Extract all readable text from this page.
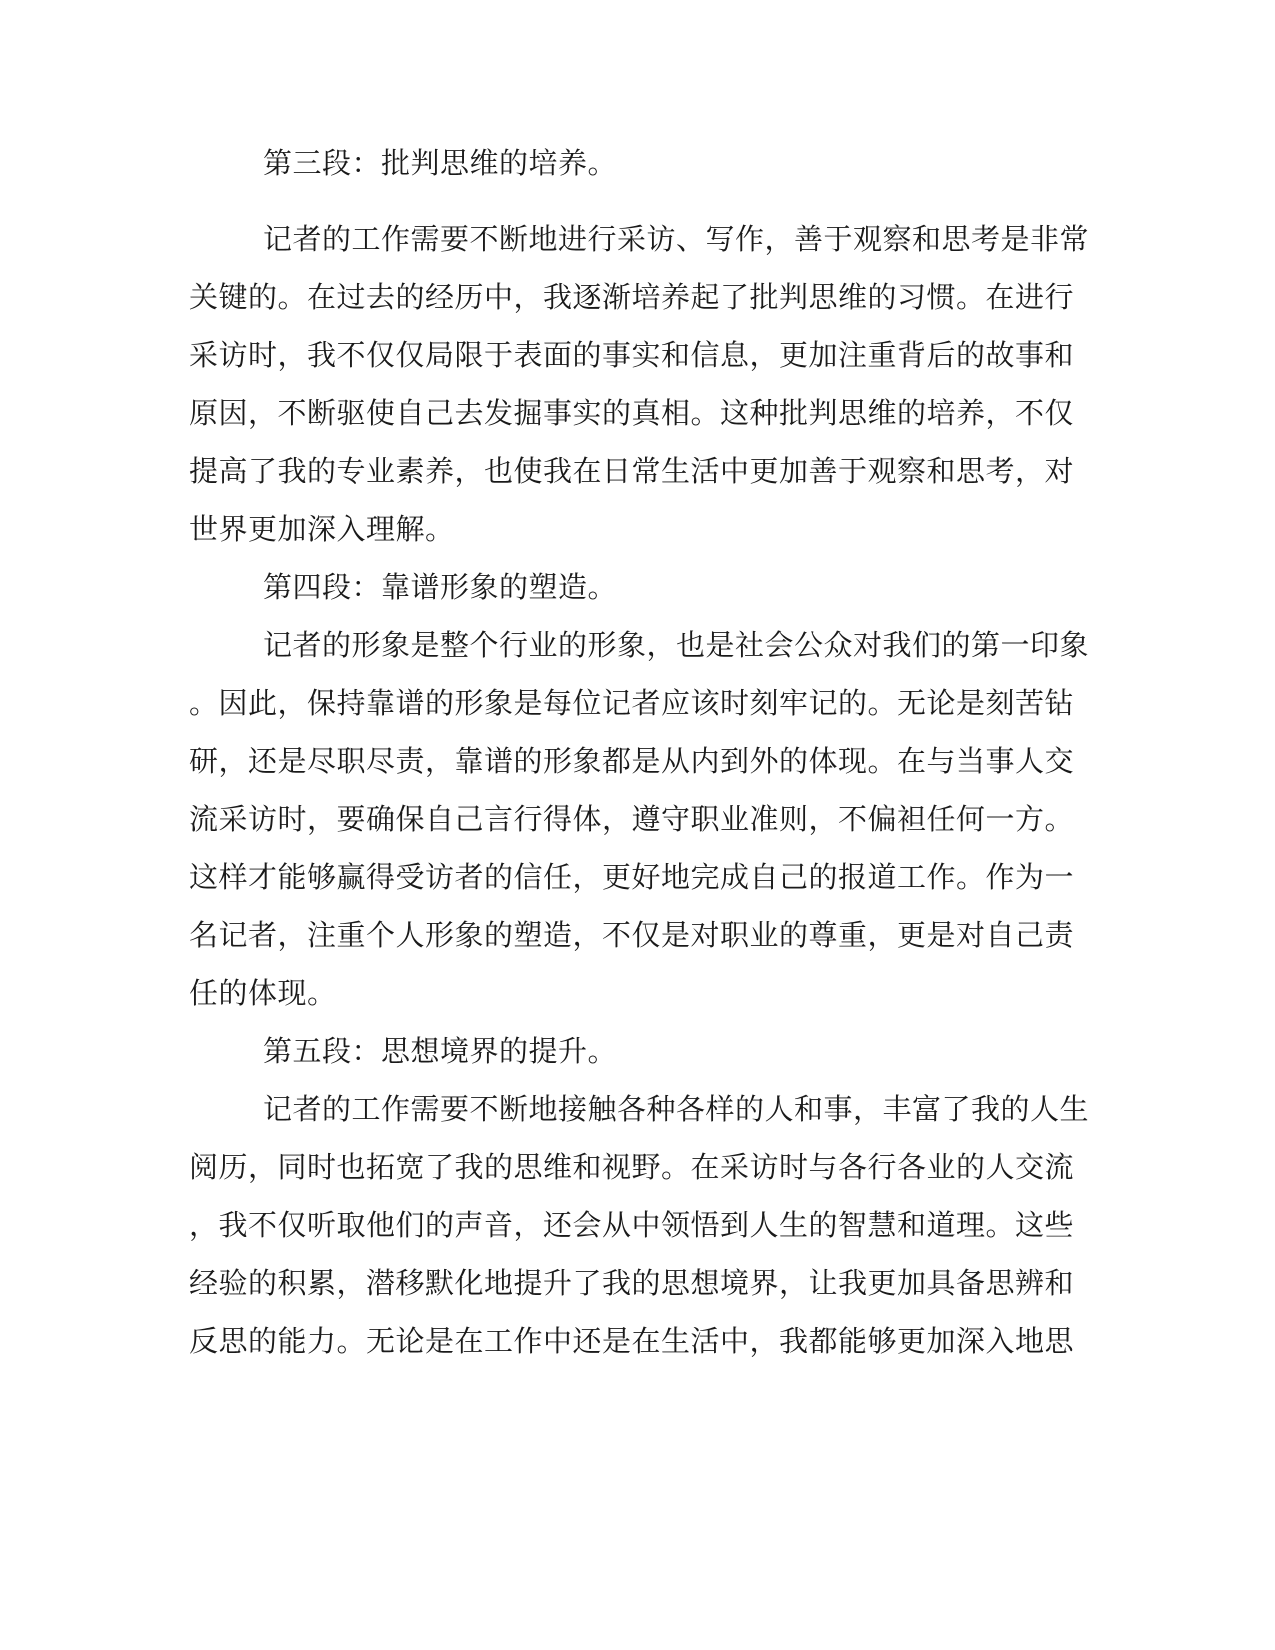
第三段：批判思维的培养。
记者的工作需要不断地进行采访、写作，善于观察和思考是非常
关键的。在过去的经历中，我逐渐培养起了批判思维的习惯。在进行
采访时，我不仅仅局限于表面的事实和信息，更加注重背后的故事和
原因，不断驱使自己去发掘事实的真相。这种批判思维的培养，不仅
提高了我的专业素养，也使我在日常生活中更加善于观察和思考，对
世界更加深入理解。
第四段：靠谱形象的塑造。
记者的形象是整个行业的形象，也是社会公众对我们的第一印象
。因此，保持靠谱的形象是每位记者应该时刻牢记的。无论是刻苦钻
研，还是尽职尽责，靠谱的形象都是从内到外的体现。在与当事人交
流采访时，要确保自己言行得体，遵守职业准则，不偏袒任何一方。
这样才能够赢得受访者的信任，更好地完成自己的报道工作。作为一
名记者，注重个人形象的塑造，不仅是对职业的尊重，更是对自己责
任的体现。
第五段：思想境界的提升。
记者的工作需要不断地接触各种各样的人和事，丰富了我的人生
阅历，同时也拓宽了我的思维和视野。在采访时与各行各业的人交流
，我不仅听取他们的声音，还会从中领悟到人生的智慧和道理。这些
经验的积累，潜移默化地提升了我的思想境界，让我更加具备思辨和
反思的能力。无论是在工作中还是在生活中，我都能够更加深入地思
